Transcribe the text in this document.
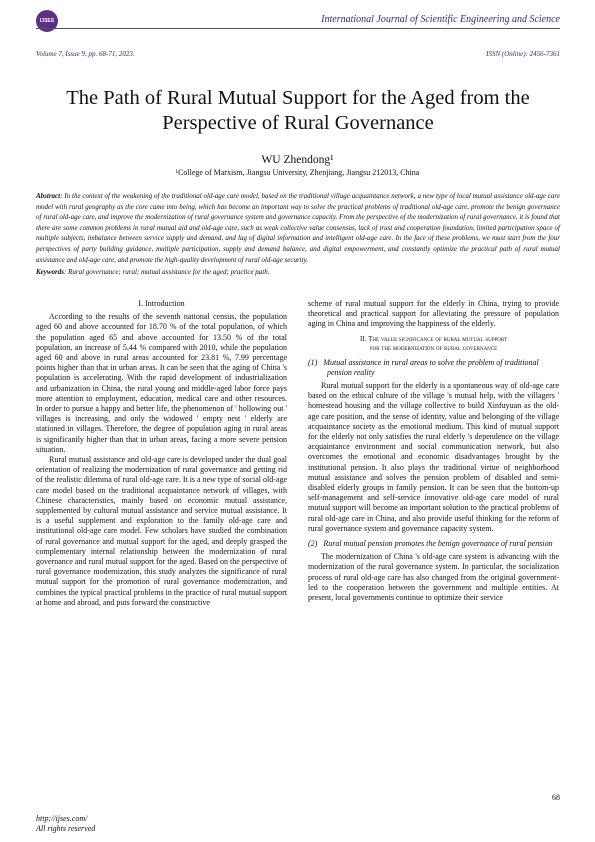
IJSES	International Journal of Scientific Engineering and Science
Volume 7, Issue 9, pp. 68-71, 2023.	ISSN (Online): 2456-7361
The Path of Rural Mutual Support for the Aged from the Perspective of Rural Governance
WU Zhendong¹
¹College of Marxism, Jiangsu University, Zhenjiang, Jiangsu 212013, China
Abstract: In the context of the weakening of the traditional old-age care model, based on the traditional village acquaintance network, a new type of local mutual assistance old-age care model with rural geography as the core came into being, which has become an important way to solve the practical problems of traditional old-age care, promote the benign governance of rural old-age care, and improve the modernization of rural governance system and governance capacity. From the perspective of the modernization of rural governance, it is found that there are some common problems in rural mutual aid and old-age care, such as weak collective value consensus, lack of trust and cooperation foundation, limited participation space of multiple subjects, imbalance between service supply and demand, and lag of digital information and intelligent old-age care. In the face of these problems, we must start from the four perspectives of party building guidance, multiple participation, supply and demand balance, and digital empowerment, and constantly optimize the practical path of rural mutual assistance and old-age care, and promote the high-quality development of rural old-age security.
Keywords: Rural governance; rural; mutual assistance for the aged; practice path.
I. Introduction

According to the results of the seventh national census, the population aged 60 and above accounted for 18.70 % of the total population, of which the population aged 65 and above accounted for 13.50 % of the total population, an increase of 5.44 % compared with 2010, while the population aged 60 and above in rural areas accounted for 23.81 %, 7.99 percentage points higher than that in urban areas. It can be seen that the aging of China 's population is accelerating. With the rapid development of industrialization and urbanization in China, the rural young and middle-aged labor force pays more attention to employment, education, medical care and other resources. In order to pursue a happy and better life, the phenomenon of ' hollowing out ' villages is increasing, and only the widowed ' empty nest ' elderly are stationed in villages. Therefore, the degree of population aging in rural areas is significantly higher than that in urban areas, facing a more severe pension situation.

Rural mutual assistance and old-age care is developed under the dual goal orientation of realizing the modernization of rural governance and getting rid of the realistic dilemma of rural old-age care. It is a new type of social old-age care model based on the traditional acquaintance network of villages, with Chinese characteristics, mainly based on economic mutual assistance, supplemented by cultural mutual assistance and service mutual assistance. It is a useful supplement and exploration to the family old-age care and institutional old-age care model. Few scholars have studied the combination of rural governance and mutual support for the aged, and deeply grasped the complementary internal relationship between the modernization of rural governance and rural mutual support for the aged. Based on the perspective of rural governance modernization, this study analyzes the significance of rural mutual support for the promotion of rural governance modernization, and combines the typical practical problems in the practice of rural mutual support at home and abroad, and puts forward the constructive

scheme of rural mutual support for the elderly in China, trying to provide theoretical and practical support for alleviating the pressure of population aging in China and improving the happiness of the elderly.

II. The value significance of rural mutual support
for the modernization of rural governance
(1) Mutual assistance in rural areas to solve the problem of traditional pension reality

Rural mutual support for the elderly is a spontaneous way of old-age care based on the ethical culture of the village 's mutual help, with the villagers ' homestead housing and the village collective to build Xinfuyuan as the old-age care position, and the sense of identity, value and belonging of the village acquaintance society as the emotional medium. This kind of mutual support for the elderly not only satisfies the rural elderly 's dependence on the village acquaintance environment and social communication network, but also overcomes the emotional and economic disadvantages brought by the institutional pension. It also plays the traditional virtue of neighborhood mutual assistance and solves the pension problem of disabled and semi-disabled elderly groups in family pension. It can be seen that the bottom-up self-management and self-service innovative old-age care model of rural mutual support will become an important solution to the practical problems of rural old-age care in China, and also provide useful thinking for the reform of rural governance system and governance capacity system.

(2) Rural mutual pension promotes the benign governance of rural pension

The modernization of China 's old-age care system is advancing with the modernization of the rural governance system. In particular, the socialization process of rural old-age care has also changed from the original government-led to the cooperation between the government and multiple entities. At present, local governments continue to optimize their service

68
http://ijses.com/
All rights reserved
